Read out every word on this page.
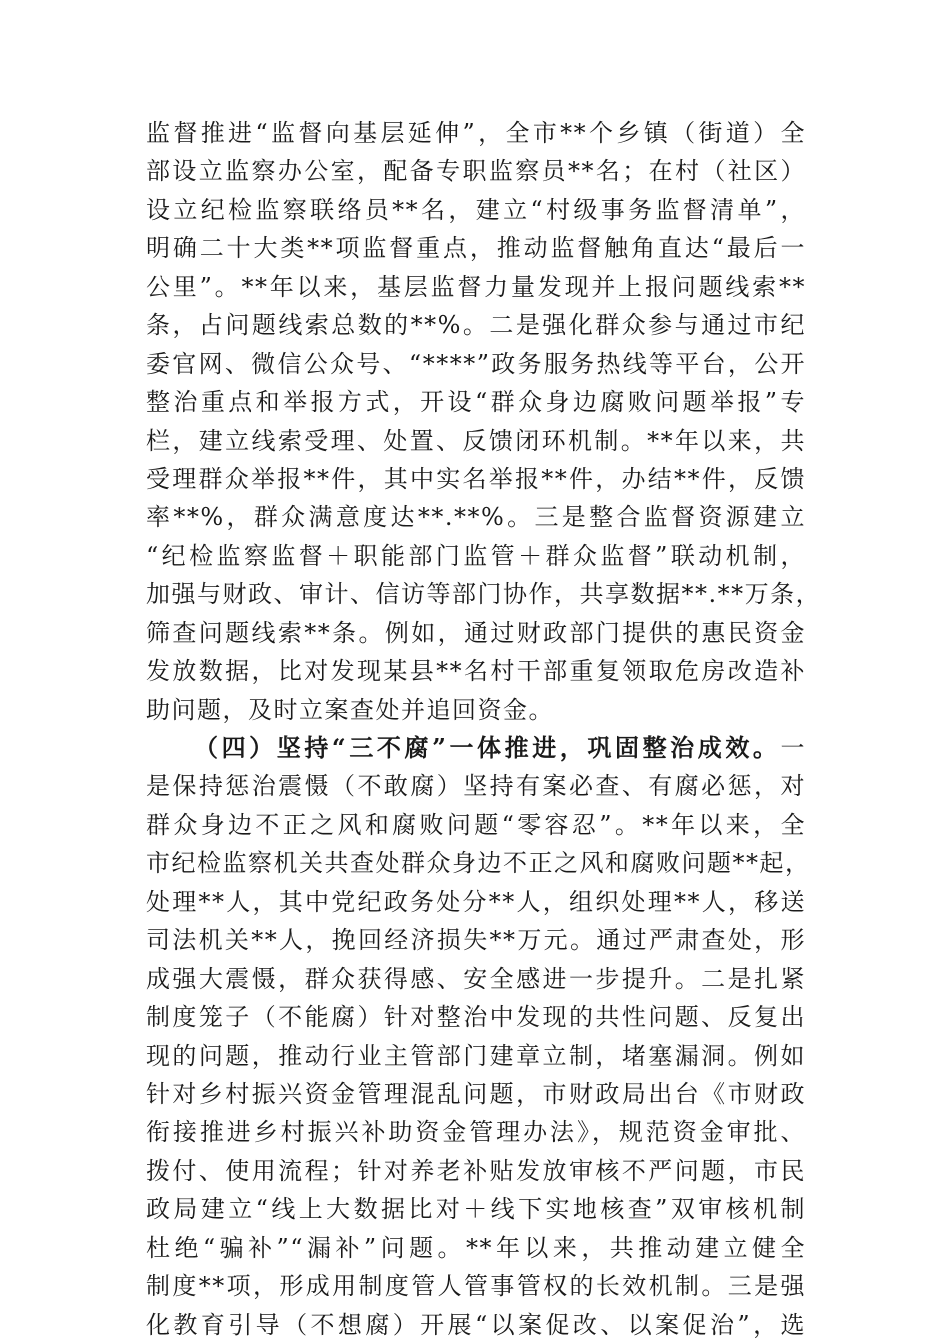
监督推进“监督向基层延伸”，全市**个乡镇（街道）全
部设立监察办公室，配备专职监察员**名；在村（社区）
设立纪检监察联络员**名，建立“村级事务监督清单”，
明确二十大类**项监督重点，推动监督触角直达“最后一
公里”。**年以来，基层监督力量发现并上报问题线索**
条，占问题线索总数的**%。二是强化群众参与通过市纪
委官网、微信公众号、“****”政务服务热线等平台，公开
整治重点和举报方式，开设“群众身边腐败问题举报”专
栏，建立线索受理、处置、反馈闭环机制。**年以来，共
受理群众举报**件，其中实名举报**件，办结**件，反馈
率**%，群众满意度达**.**%。三是整合监督资源建立
“纪检监察监督＋职能部门监管＋群众监督”联动机制，
加强与财政、审计、信访等部门协作，共享数据**.**万条，
筛查问题线索**条。例如，通过财政部门提供的惠民资金
发放数据，比对发现某县**名村干部重复领取危房改造补
助问题，及时立案查处并追回资金。
（四）坚持“三不腐”一体推进，巩固整治成效。一
是保持惩治震慑（不敢腐）坚持有案必查、有腐必惩，对
群众身边不正之风和腐败问题“零容忍”。**年以来，全
市纪检监察机关共查处群众身边不正之风和腐败问题**起，
处理**人，其中党纪政务处分**人，组织处理**人，移送
司法机关**人，挽回经济损失**万元。通过严肃查处，形
成强大震慑，群众获得感、安全感进一步提升。二是扎紧
制度笼子（不能腐）针对整治中发现的共性问题、反复出
现的问题，推动行业主管部门建章立制，堵塞漏洞。例如
针对乡村振兴资金管理混乱问题，市财政局出台《市财政
衔接推进乡村振兴补助资金管理办法》，规范资金审批、
拨付、使用流程；针对养老补贴发放审核不严问题，市民
政局建立“线上大数据比对＋线下实地核查”双审核机制
杜绝“骗补”“漏补”问题。**年以来，共推动建立健全
制度**项，形成用制度管人管事管权的长效机制。三是强
化教育引导（不想腐）开展“以案促改、以案促治”，选
